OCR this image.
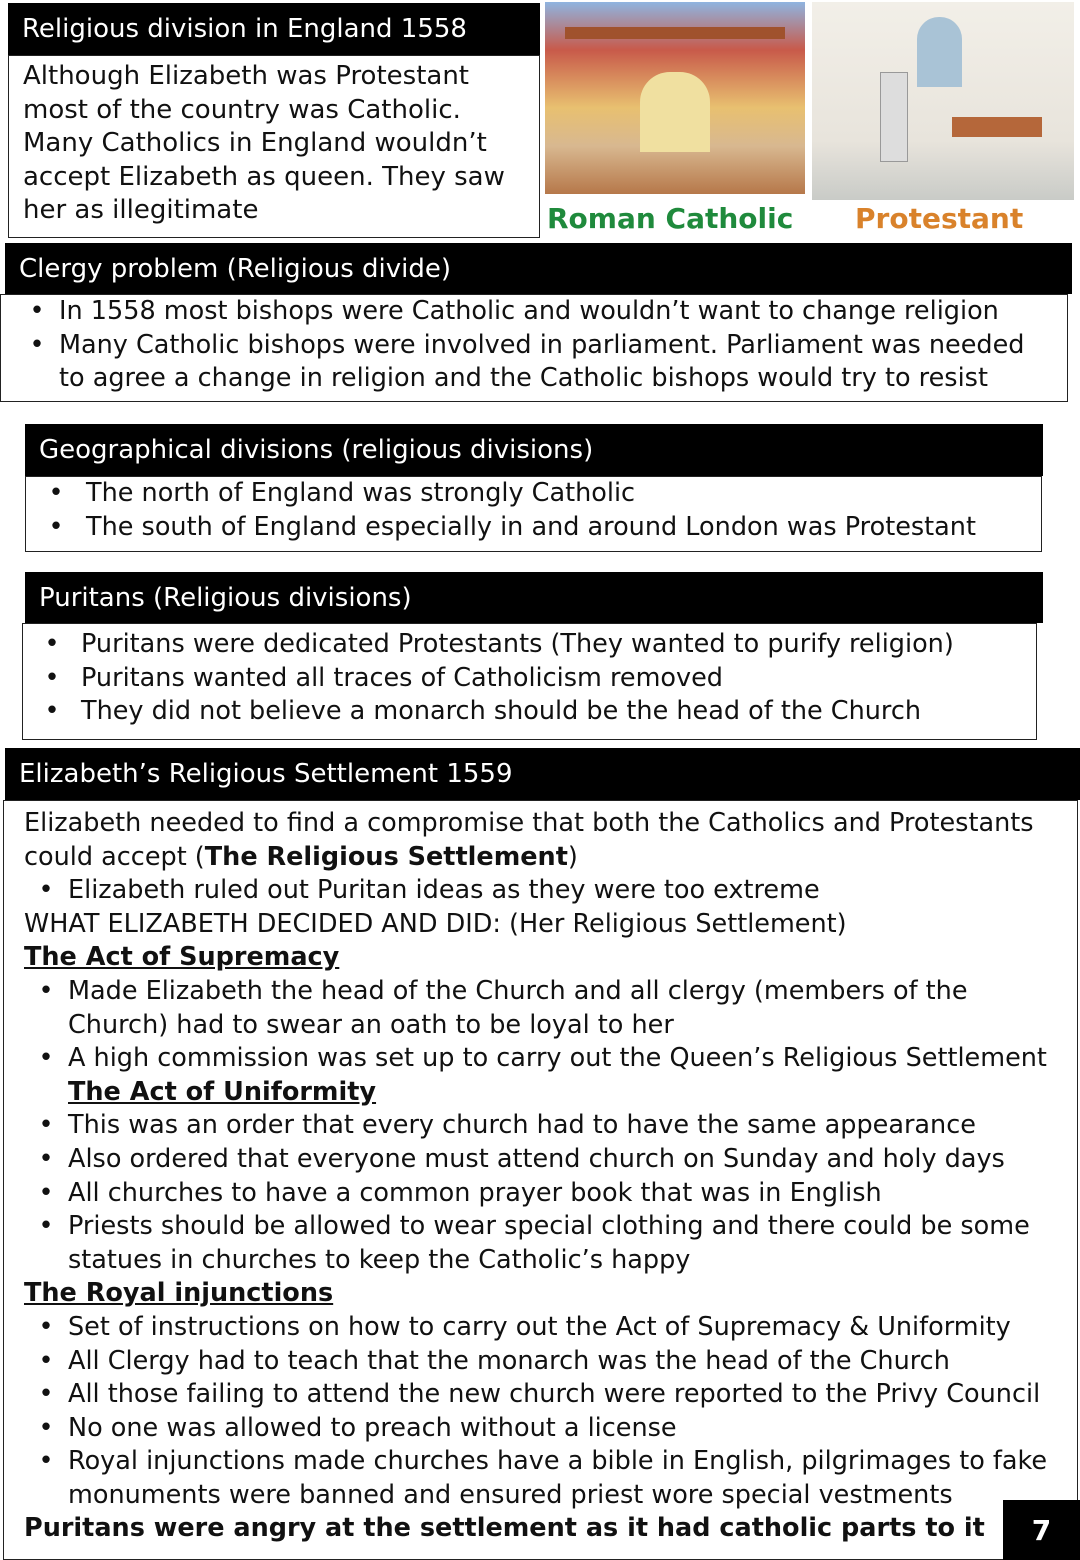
Religious division in England 1558
Although Elizabeth was Protestant
most of the country was Catholic.
Many Catholics in England wouldn’t
accept Elizabeth as queen. They saw
her as illegitimate	Roman Catholic Protestant
Clergy problem (Religious divide)
• In 1558 most bishops were Catholic and wouldn’t want to change religion
• Many Catholic bishops were involved in parliament. Parliament was needed
to agree a change in religion and the Catholic bishops would try to resist
Geographical divisions (religious divisions)
• The north of England was strongly Catholic
• The south of England especially in and around London was Protestant
Puritans (Religious divisions)
• Puritans were dedicated Protestants (They wanted to purify religion)
• Puritans wanted all traces of Catholicism removed
• They did not believe a monarch should be the head of the Church
Elizabeth’s Religious Settlement 1559
Elizabeth needed to find a compromise that both the Catholics and Protestants
could accept (The Religious Settlement)
• Elizabeth ruled out Puritan ideas as they were too extreme
WHAT ELIZABETH DECIDED AND DID: (Her Religious Settlement)
The Act of Supremacy
• Made Elizabeth the head of the Church and all clergy (members of the
Church) had to swear an oath to be loyal to her
• A high commission was set up to carry out the Queen’s Religious Settlement
The Act of Uniformity
• This was an order that every church had to have the same appearance
• Also ordered that everyone must attend church on Sunday and holy days
• All churches to have a common prayer book that was in English
• Priests should be allowed to wear special clothing and there could be some
statues in churches to keep the Catholic’s happy
The Royal injunctions
• Set of instructions on how to carry out the Act of Supremacy & Uniformity
• All Clergy had to teach that the monarch was the head of the Church
• All those failing to attend the new church were reported to the Privy Council
• No one was allowed to preach without a license
• Royal injunctions made churches have a bible in English, pilgrimages to fake
monuments were banned and ensured priest wore special vestments
Puritans were angry at the settlement as it had catholic parts to it	7
